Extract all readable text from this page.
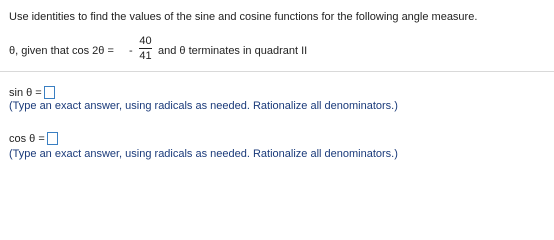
Use identities to find the values of the sine and cosine functions for the following angle measure.
θ, given that cos 2θ = -
40
41 and θ terminates in quadrant II
sin θ =
(Type an exact answer, using radicals as needed. Rationalize all denominators.)
cos θ =
(Type an exact answer, using radicals as needed. Rationalize all denominators.)
